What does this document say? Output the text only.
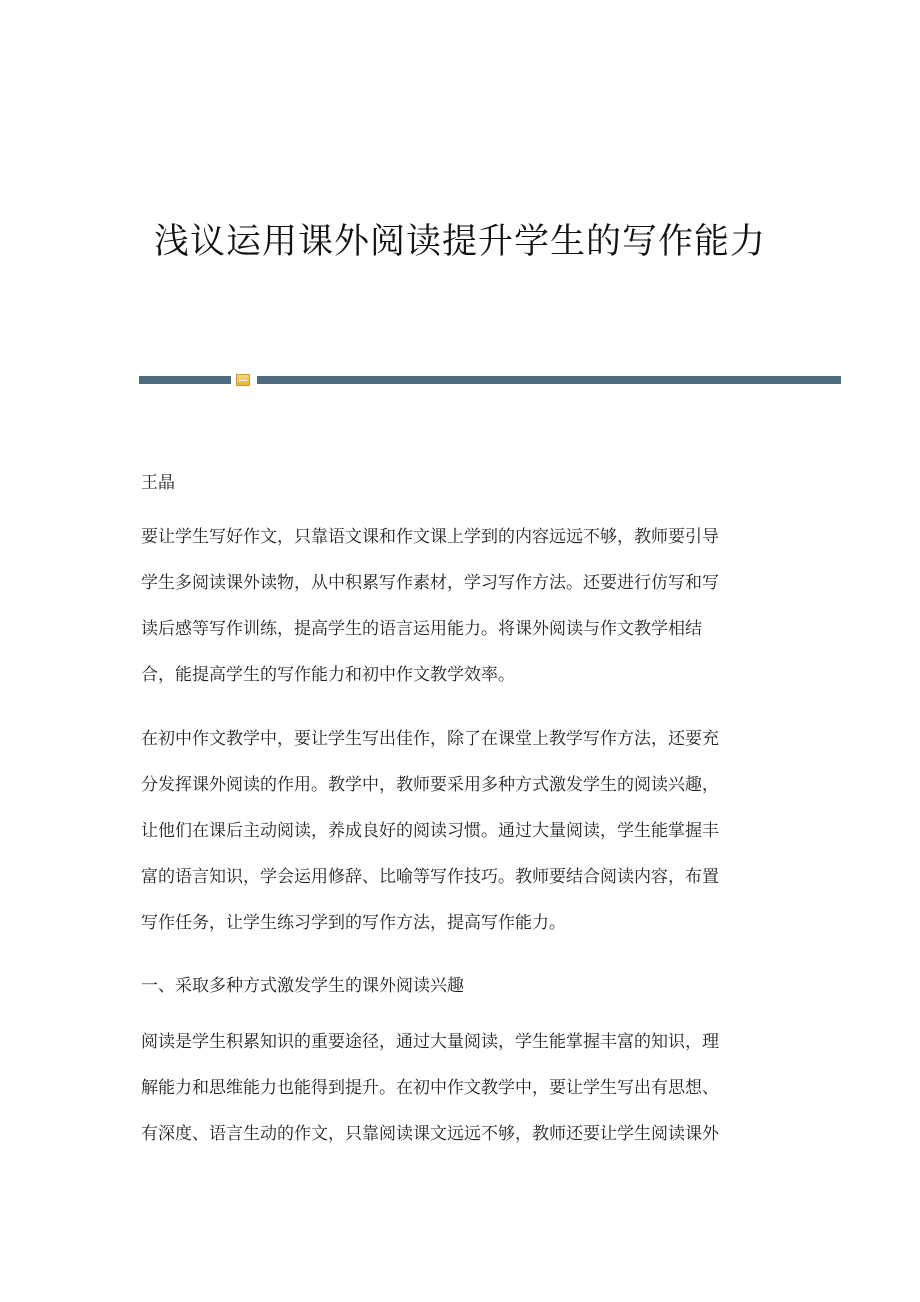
浅议运用课外阅读提升学生的写作能力
王晶

要让学生写好作文，只靠语文课和作文课上学到的内容远远不够，教师要引导
学生多阅读课外读物，从中积累写作素材，学习写作方法。还要进行仿写和写
读后感等写作训练，提高学生的语言运用能力。将课外阅读与作文教学相结
合，能提高学生的写作能力和初中作文教学效率。

在初中作文教学中，要让学生写出佳作，除了在课堂上教学写作方法，还要充
分发挥课外阅读的作用。教学中，教师要采用多种方式激发学生的阅读兴趣，
让他们在课后主动阅读，养成良好的阅读习惯。通过大量阅读，学生能掌握丰
富的语言知识，学会运用修辞、比喻等写作技巧。教师要结合阅读内容，布置
写作任务，让学生练习学到的写作方法，提高写作能力。

一、采取多种方式激发学生的课外阅读兴趣

阅读是学生积累知识的重要途径，通过大量阅读，学生能掌握丰富的知识，理
解能力和思维能力也能得到提升。在初中作文教学中，要让学生写出有思想、
有深度、语言生动的作文，只靠阅读课文远远不够，教师还要让学生阅读课外
